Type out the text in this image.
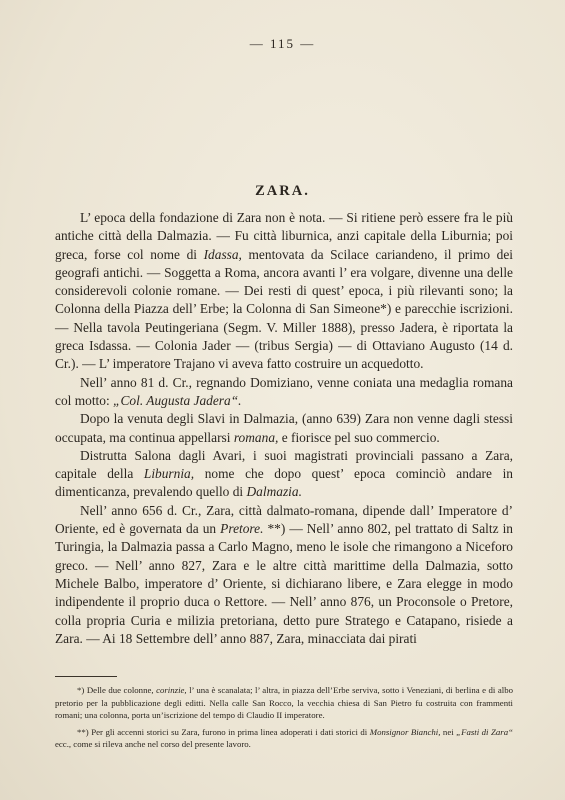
— 115 —
ZARA.

L’ epoca della fondazione di Zara non è nota. — Si ritiene però essere fra le più antiche città della Dalmazia. — Fu città liburnica, anzi capitale della Liburnia; poi greca, forse col nome di Idassa, mentovata da Scilace cariandeno, il primo dei geografi antichi. — Soggetta a Roma, ancora avanti l’ era volgare, divenne una delle considerevoli colonie romane. — Dei resti di quest’ epoca, i più rilevanti sono; la Colonna della Piazza dell’ Erbe; la Colonna di San Simeone*) e parecchie iscrizioni. — Nella tavola Peutingeriana (Segm. V. Miller 1888), presso Jadera, è riportata la greca Isdassa. — Colonia Jader — (tribus Sergia) — di Ottaviano Augusto (14 d. Cr.). — L’ imperatore Trajano vi aveva fatto costruire un acquedotto.

Nell’ anno 81 d. Cr., regnando Domiziano, venne coniata una medaglia romana col motto: „Col. Augusta Jadera“.

Dopo la venuta degli Slavi in Dalmazia, (anno 639) Zara non venne dagli stessi occupata, ma continua appellarsi romana, e fiorisce pel suo commercio.

Distrutta Salona dagli Avari, i suoi magistrati provinciali passano a Zara, capitale della Liburnia, nome che dopo quest’ epoca cominciò andare in dimenticanza, prevalendo quello di Dalmazia.

Nell’ anno 656 d. Cr., Zara, città dalmato-romana, dipende dall’ Imperatore d’ Oriente, ed è governata da un Pretore. **) — Nell’ anno 802, pel trattato di Saltz in Turingia, la Dalmazia passa a Carlo Magno, meno le isole che rimangono a Niceforo greco. — Nell’ anno 827, Zara e le altre città marittime della Dalmazia, sotto Michele Balbo, imperatore d’ Oriente, si dichiarano libere, e Zara elegge in modo indipendente il proprio duca o Rettore. — Nell’ anno 876, un Proconsole o Pretore, colla propria Curia e milizia pretoriana, detto pure Stratego e Catapano, risiede a Zara. — Ai 18 Settembre dell’ anno 887, Zara, minacciata dai pirati

*) Delle due colonne, corinzie, l’ una è scanalata; l’ altra, in piazza dell’Erbe serviva, sotto i Veneziani, di berlina e di albo pretorio per la pubblicazione degli editti. Nella calle San Rocco, la vecchia chiesa di San Pietro fu costruita con frammenti romani; una colonna, porta un’iscrizione del tempo di Claudio II imperatore.

**) Per gli accenni storici su Zara, furono in prima linea adoperati i dati storici di Monsignor Bianchi, nei „Fasti di Zara“ ecc., come si rileva anche nel corso del presente lavoro.
